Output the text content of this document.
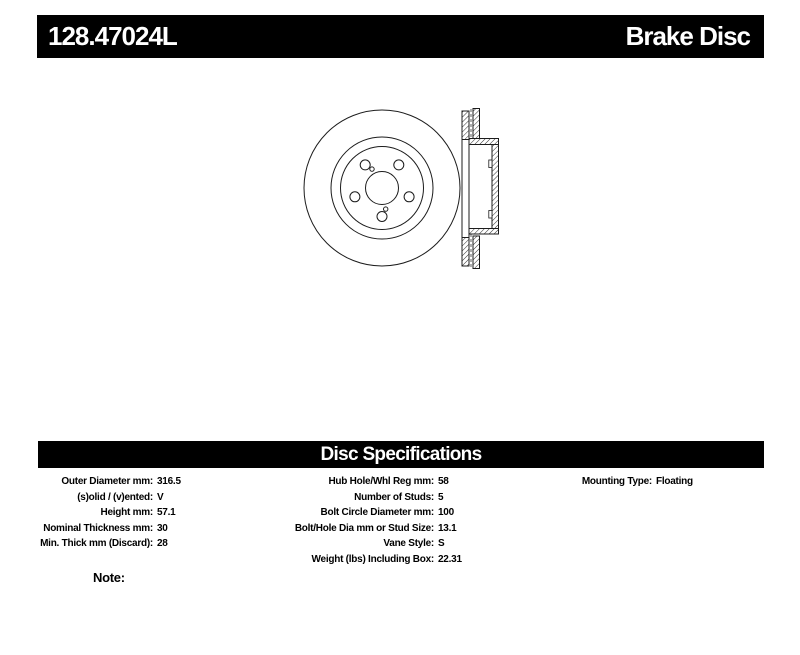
128.47024L	Brake Disc
Disc Specifications
Outer Diameter mm: 316.5
(s)olid / (v)ented: V
Height mm: 57.1
Nominal Thickness mm: 30
Min. Thick mm (Discard): 28
Hub Hole/Whl Reg mm: 58
Number of Studs: 5
Bolt Circle Diameter mm: 100
Bolt/Hole Dia mm or Stud Size: 13.1
Vane Style: S
Weight (lbs) Including Box: 22.31
Mounting Type: Floating
Note:
